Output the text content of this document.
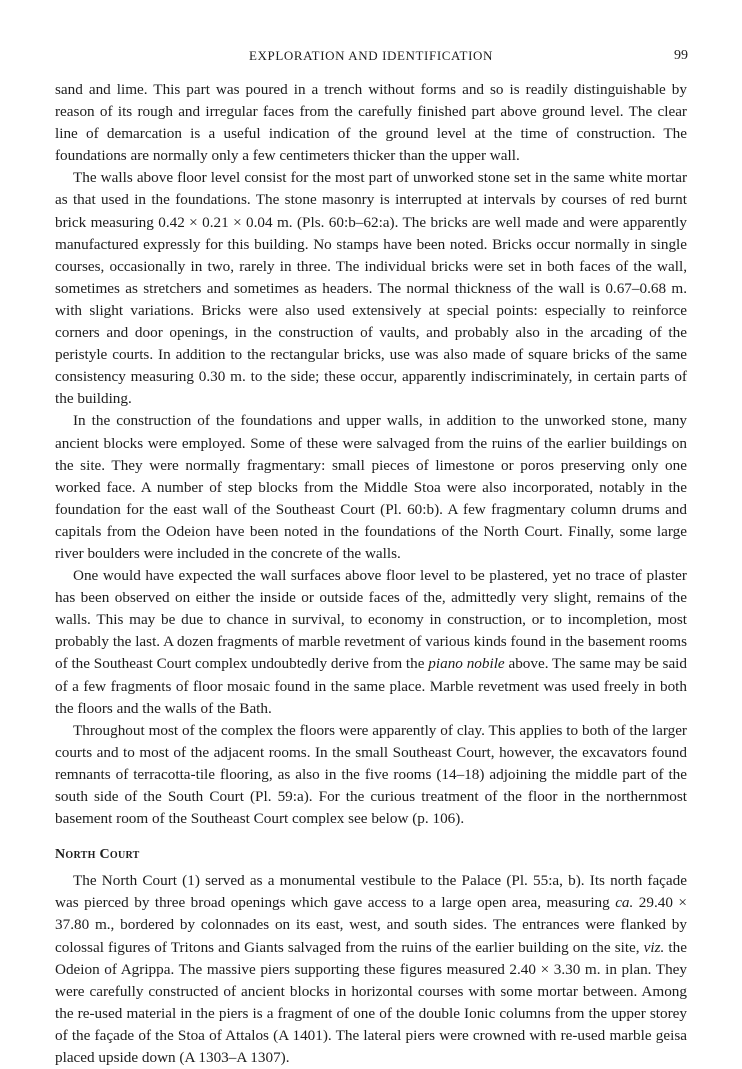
EXPLORATION AND IDENTIFICATION	99

sand and lime. This part was poured in a trench without forms and so is readily distinguishable by reason of its rough and irregular faces from the carefully finished part above ground level. The clear line of demarcation is a useful indication of the ground level at the time of construction. The foundations are normally only a few centimeters thicker than the upper wall.

The walls above floor level consist for the most part of unworked stone set in the same white mortar as that used in the foundations. The stone masonry is interrupted at intervals by courses of red burnt brick measuring 0.42 × 0.21 × 0.04 m. (Pls. 60:b–62:a). The bricks are well made and were apparently manufactured expressly for this building. No stamps have been noted. Bricks occur normally in single courses, occasionally in two, rarely in three. The individual bricks were set in both faces of the wall, sometimes as stretchers and sometimes as headers. The normal thickness of the wall is 0.67–0.68 m. with slight variations. Bricks were also used extensively at special points: especially to reinforce corners and door openings, in the construction of vaults, and probably also in the arcading of the peristyle courts. In addition to the rectangular bricks, use was also made of square bricks of the same consistency measuring 0.30 m. to the side; these occur, apparently indiscriminately, in certain parts of the building.

In the construction of the foundations and upper walls, in addition to the unworked stone, many ancient blocks were employed. Some of these were salvaged from the ruins of the earlier buildings on the site. They were normally fragmentary: small pieces of limestone or poros preserving only one worked face. A number of step blocks from the Middle Stoa were also incorporated, notably in the foundation for the east wall of the Southeast Court (Pl. 60:b). A few fragmentary column drums and capitals from the Odeion have been noted in the foundations of the North Court. Finally, some large river boulders were included in the concrete of the walls.

One would have expected the wall surfaces above floor level to be plastered, yet no trace of plaster has been observed on either the inside or outside faces of the, admittedly very slight, remains of the walls. This may be due to chance in survival, to economy in construction, or to incompletion, most probably the last. A dozen fragments of marble revetment of various kinds found in the basement rooms of the Southeast Court complex undoubtedly derive from the piano nobile above. The same may be said of a few fragments of floor mosaic found in the same place. Marble revetment was used freely in both the floors and the walls of the Bath.

Throughout most of the complex the floors were apparently of clay. This applies to both of the larger courts and to most of the adjacent rooms. In the small Southeast Court, however, the excavators found remnants of terracotta-tile flooring, as also in the five rooms (14–18) adjoining the middle part of the south side of the South Court (Pl. 59:a). For the curious treatment of the floor in the northernmost basement room of the Southeast Court complex see below (p. 106).

North Court

The North Court (1) served as a monumental vestibule to the Palace (Pl. 55:a, b). Its north façade was pierced by three broad openings which gave access to a large open area, measuring ca. 29.40 × 37.80 m., bordered by colonnades on its east, west, and south sides. The entrances were flanked by colossal figures of Tritons and Giants salvaged from the ruins of the earlier building on the site, viz. the Odeion of Agrippa. The massive piers supporting these figures measured 2.40 × 3.30 m. in plan. They were carefully constructed of ancient blocks in horizontal courses with some mortar between. Among the re-used material in the piers is a fragment of one of the double Ionic columns from the upper storey of the façade of the Stoa of Attalos (A 1401). The lateral piers were crowned with re-used marble geisa placed upside down (A 1303–A 1307).
